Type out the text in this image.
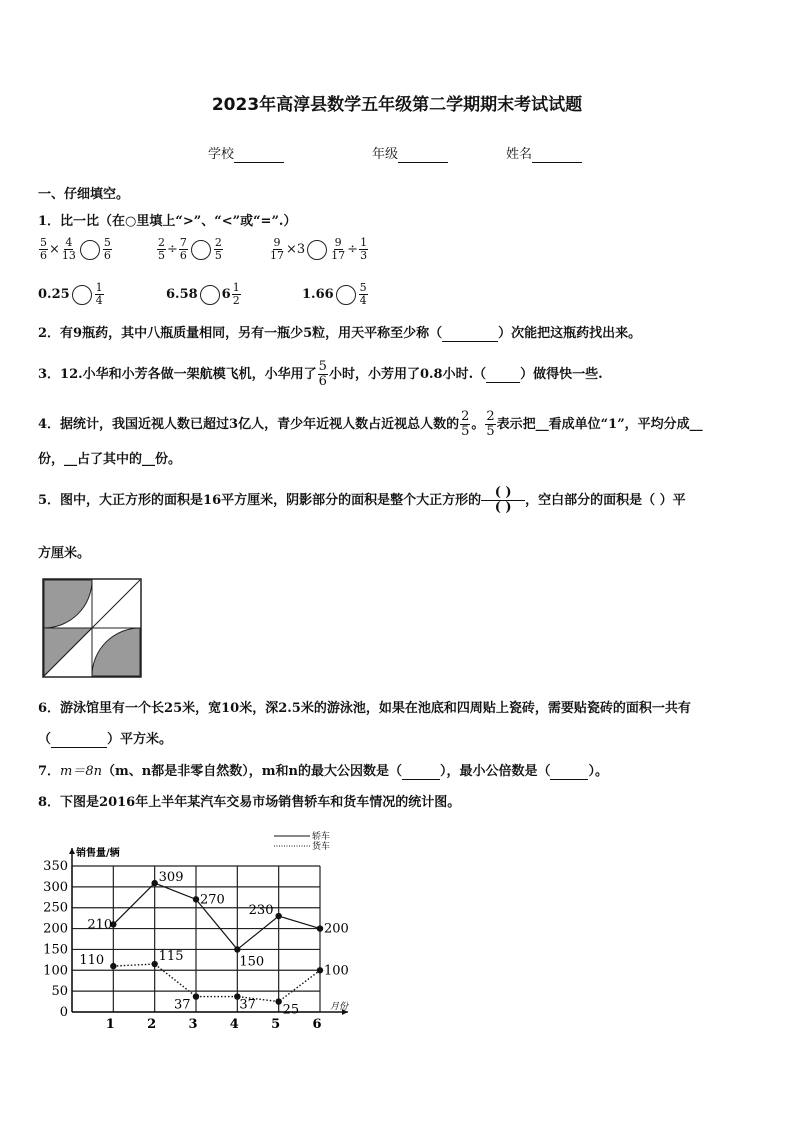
2023年高淳县数学五年级第二学期期末考试试题
学校	年级	姓名
一、仔细填空。
1．比一比（在○里填上“>”、“<”或“=”.）
$\frac{5}{6} \times \frac{4}{13} \frac{5}{6}$	$\frac{2}{5} \div \frac{7}{6} \frac{2}{5}$	$\frac{9}{17} \times 3 \frac{9}{17} \div \frac{1}{3}$
$0.25 \frac{1}{4}$	6.58 $6 \frac{1}{2}$	$1.66 \frac{5}{4}$
2．有9瓶药，其中八瓶质量相同，另有一瓶少5粒，用天平称至少称（	）次能把这瓶药找出来。
3．12.小华和小芳各做一架航模飞机，小华用了 $\frac{5}{6}$ 小时，小芳用了0.8小时.（	）做得快一些.
4．据统计，我国近视人数已超过3亿人，青少年近视人数占近视总人数的 $\frac{2}{5}$ 。 $\frac{2}{5}$ 表示把__看成单位“1”，平均分成__
份，__占了其中的__份。
5．图中，大正方形的面积是16平方厘米，阴影部分的面积是整个大正方形的
( )
( )	，空白部分的面积是（ ）平
方厘米。
6．游泳馆里有一个长25米，宽10米，深2.5米的游泳池，如果在池底和四周贴上瓷砖，需要贴瓷砖的面积一共有
（	）平方米。
7．m＝8n（m、n都是非零自然数），m和n的最大公因数是（	），最小公倍数是（	）。
8．下图是2016年上半年某汽车交易市场销售轿车和货车情况的统计图。
0
50
100
150
200
250
300
350
1 2 3 4 5 6
销售量/辆
月份
轿车
货车
210
309
270
150
230
200
110	115
37	37 25
100
